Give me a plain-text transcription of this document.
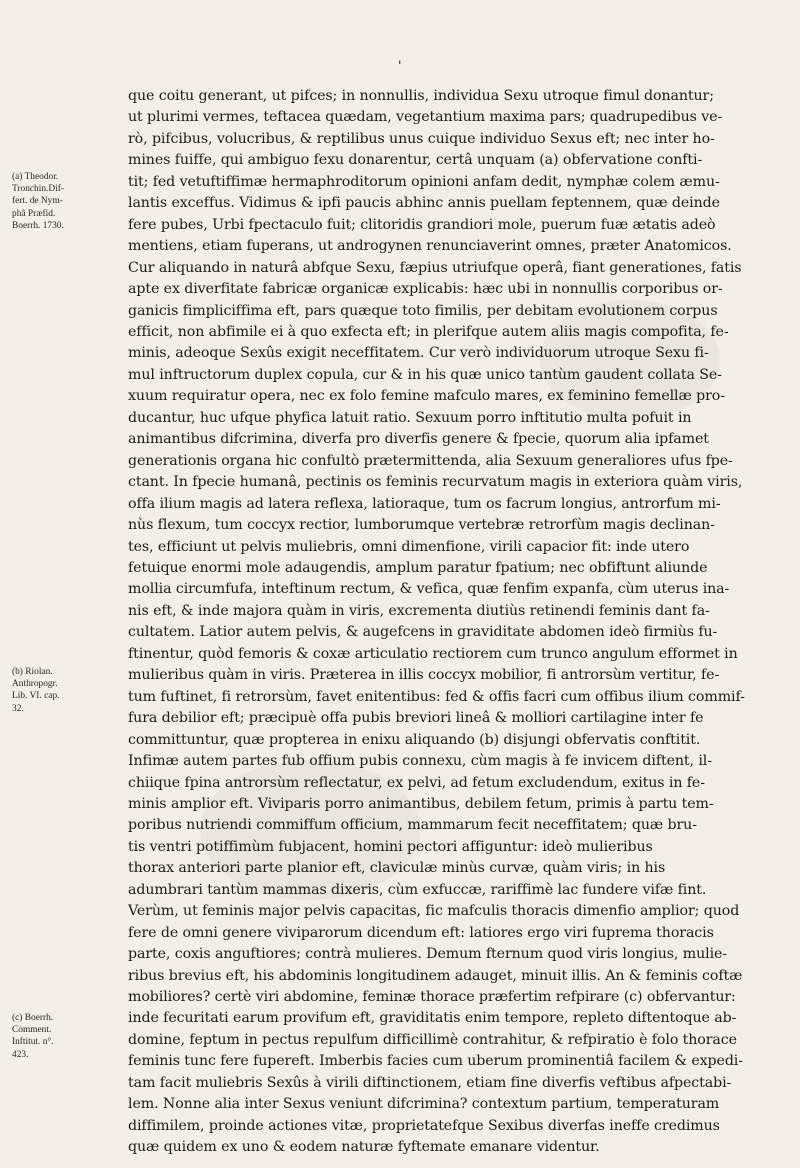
'
que coitu generant, ut pifces; in nonnullis, individua Sexu utroque fimul donantur;
ut plurimi vermes, teftacea quædam, vegetantium maxima pars; quadrupedibus ve-
rò, pifcibus, volucribus, & reptilibus unus cuique individuo Sexus eft; nec inter ho-
mines fuiffe, qui ambiguo fexu donarentur, certâ unquam (a) obfervatione confti-
tit; fed vetuftiffimæ hermaphroditorum opinioni anfam dedit, nymphæ colem æmu-
lantis exceffus. Vidimus & ipfi paucis abhinc annis puellam feptennem, quæ deinde
fere pubes, Urbi fpectaculo fuit; clitoridis grandiori mole, puerum fuæ ætatis adeò
mentiens, etiam fuperans, ut androgynen renunciaverint omnes, præter Anatomicos.
Cur aliquando in naturâ abfque Sexu, fæpius utriufque operâ, fiant generationes, fatis
apte ex diverfitate fabricæ organicæ explicabis: hæc ubi in nonnullis corporibus or-
ganicis fimpliciffima eft, pars quæque toto fimilis, per debitam evolutionem corpus
efficit, non abfimile ei à quo exfecta eft; in plerifque autem aliis magis compofita, fe-
minis, adeoque Sexûs exigit neceffitatem. Cur verò individuorum utroque Sexu fi-
mul inftructorum duplex copula, cur & in his quæ unico tantùm gaudent collata Se-
xuum requiratur opera, nec ex folo femine mafculo mares, ex feminino femellæ pro-
ducantur, huc ufque phyfica latuit ratio. Sexuum porro inftitutio multa pofuit in
animantibus difcrimina, diverfa pro diverfis genere & fpecie, quorum alia ipfamet
generationis organa hic confultò prætermittenda, alia Sexuum generaliores ufus fpe-
ctant. In fpecie humanâ, pectinis os feminis recurvatum magis in exteriora quàm viris,
offa ilium magis ad latera reflexa, latioraque, tum os facrum longius, antrorfum mi-
nùs flexum, tum coccyx rectior, lumborumque vertebræ retrorfùm magis declinan-
tes, efficiunt ut pelvis muliebris, omni dimenfione, virili capacior fit: inde utero
fetuique enormi mole adaugendis, amplum paratur fpatium; nec obfiftunt aliunde
mollia circumfufa, inteftinum rectum, & vefica, quæ fenfim expanfa, cùm uterus ina-
nis eft, & inde majora quàm in viris, excrementa diutiùs retinendi feminis dant fa-
cultatem. Latior autem pelvis, & augefcens in graviditate abdomen ideò firmiùs fu-
ftinentur, quòd femoris & coxæ articulatio rectiorem cum trunco angulum efformet in
mulieribus quàm in viris. Præterea in illis coccyx mobilior, fi antrorsùm vertitur, fe-
tum fuftinet, fi retrorsùm, favet enitentibus: fed & offis facri cum offibus ilium commif-
fura debilior eft; præcipuè offa pubis breviori lineâ & molliori cartilagine inter fe
committuntur, quæ propterea in enixu aliquando (b) disjungi obfervatis conftitit.
Infimæ autem partes fub offium pubis connexu, cùm magis à fe invicem diftent, il-
chiique fpina antrorsùm reflectatur, ex pelvi, ad fetum excludendum, exitus in fe-
minis amplior eft. Viviparis porro animantibus, debilem fetum, primis à partu tem-
poribus nutriendi commiffum officium, mammarum fecit neceffitatem; quæ bru-
tis ventri potiffimùm fubjacent, homini pectori affiguntur: ideò mulieribus
thorax anteriori parte planior eft, claviculæ minùs curvæ, quàm viris; in his
adumbrari tantùm mammas dixeris, cùm exfuccæ, rariffimè lac fundere vifæ fint.
Verùm, ut feminis major pelvis capacitas, fic mafculis thoracis dimenfio amplior; quod
fere de omni genere viviparorum dicendum eft: latiores ergo viri fuprema thoracis
parte, coxis anguftiores; contrà mulieres. Demum fternum quod viris longius, mulie-
ribus brevius eft, his abdominis longitudinem adauget, minuit illis. An & feminis coftæ
mobiliores? certè viri abdomine, feminæ thorace præfertim refpirare (c) obfervantur:
inde fecuritati earum provifum eft, graviditatis enim tempore, repleto diftentoque ab-
domine, feptum in pectus repulfum difficillimè contrahitur, & refpiratio è folo thorace
feminis tunc fere fupereft. Imberbis facies cum uberum prominentiâ facilem & expedi-
tam facit muliebris Sexûs à virili diftinctionem, etiam fine diverfis veftibus afpectabi-
lem. Nonne alia inter Sexus veniunt difcrimina? contextum partium, temperaturam
diffimilem, proinde actiones vitæ, proprietatefque Sexibus diverfas ineffe credimus
quæ quidem ex uno & eodem naturæ fyftemate emanare videntur.
(a) Theodor.
Tronchin.Dif-
fert. de Nym-
phâ Præfid.
Boerrh. 1730.
(b) Riolan.
Anthropogr.
Lib. VI. cap.
32.
(c) Boerrh.
Comment.
Inftitut. n°.
423.
